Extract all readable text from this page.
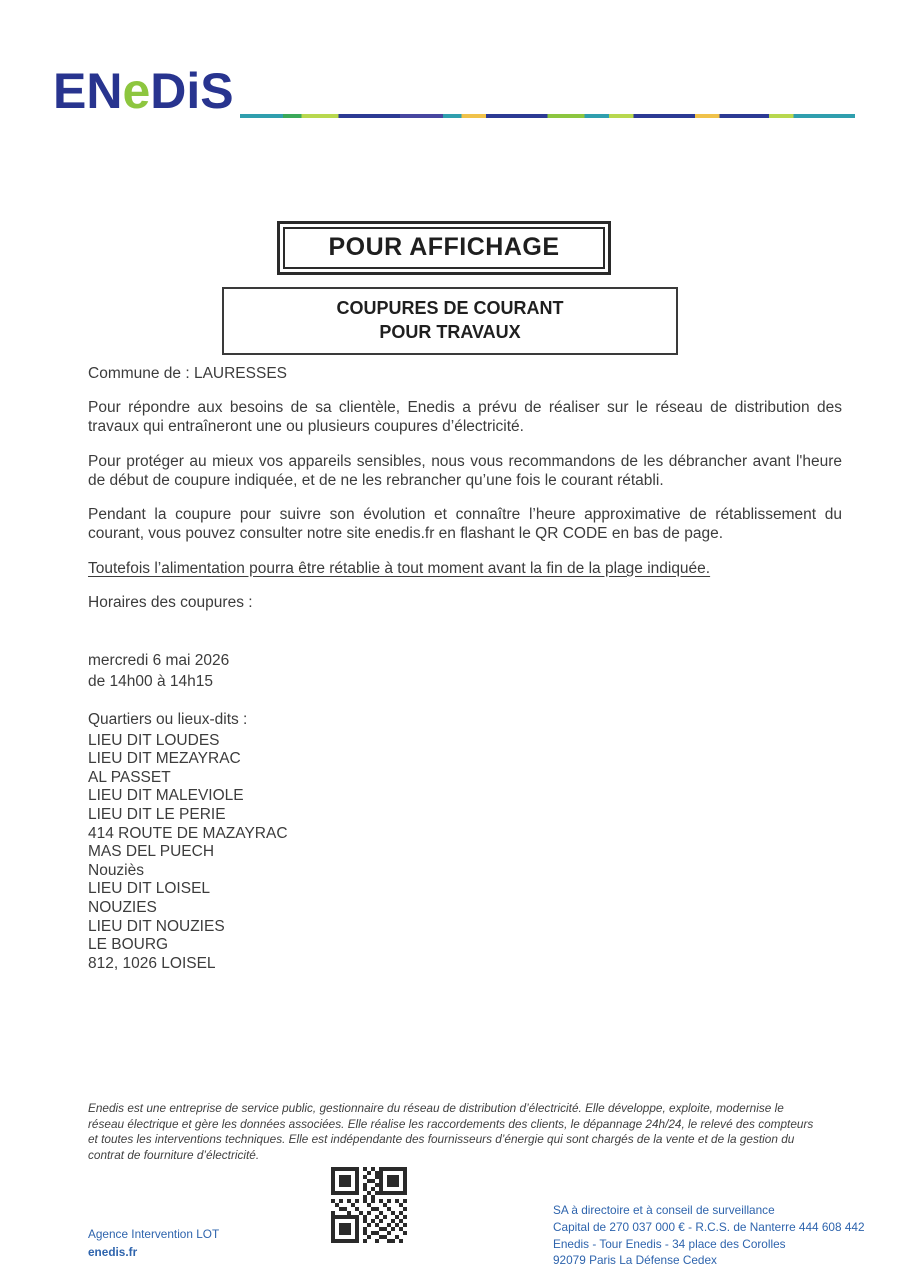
ENeDiS
POUR AFFICHAGE
COUPURES DE COURANT
POUR TRAVAUX

Commune de : LAURESSES

Pour répondre aux besoins de sa clientèle, Enedis a prévu de réaliser sur le réseau de distribution des travaux qui entraîneront une ou plusieurs coupures d’électricité.

Pour protéger au mieux vos appareils sensibles, nous vous recommandons de les débrancher avant l'heure de début de coupure indiquée, et de ne les rebrancher qu’une fois le courant rétabli.

Pendant la coupure pour suivre son évolution et connaître l’heure approximative de rétablissement du courant, vous pouvez consulter notre site enedis.fr en flashant le QR CODE en bas de page.

Toutefois l’alimentation pourra être rétablie à tout moment avant la fin de la plage indiquée.

Horaires des coupures :

mercredi 6 mai 2026

de 14h00 à 14h15

Quartiers ou lieux-dits :

LIEU DIT LOUDES
LIEU DIT MEZAYRAC
AL PASSET
LIEU DIT MALEVIOLE
LIEU DIT LE PERIE
414 ROUTE DE MAZAYRAC
MAS DEL PUECH
Nouziès
LIEU DIT LOISEL
NOUZIES
LIEU DIT NOUZIES
LE BOURG
812, 1026 LOISEL
Enedis est une entreprise de service public, gestionnaire du réseau de distribution d’électricité. Elle développe, exploite, modernise le réseau électrique et gère les données associées. Elle réalise les raccordements des clients, le dépannage 24h/24, le relevé des compteurs et toutes les interventions techniques. Elle est indépendante des fournisseurs d’énergie qui sont chargés de la vente et de la gestion du contrat de fourniture d’électricité.
Agence Intervention LOT
enedis.fr
SA à directoire et à conseil de surveillance
Capital de 270 037 000 € - R.C.S. de Nanterre 444 608 442
Enedis - Tour Enedis - 34 place des Corolles
92079 Paris La Défense Cedex
